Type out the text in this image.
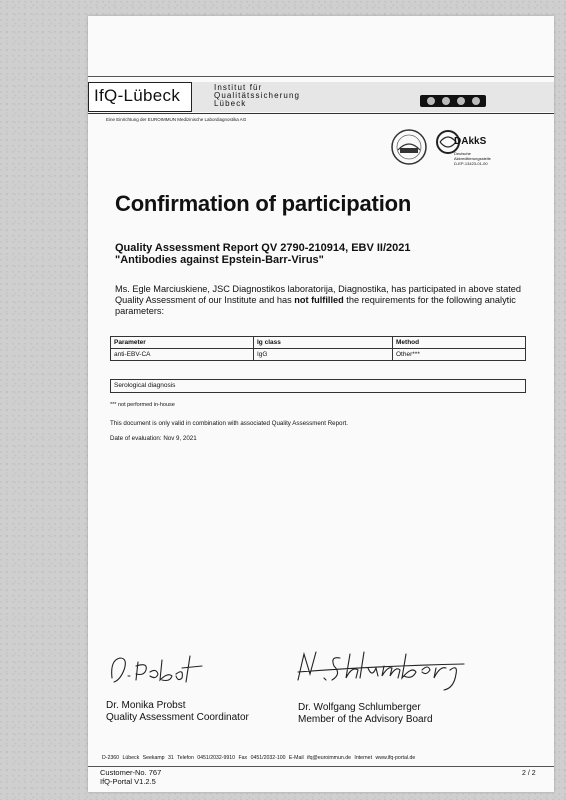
IfQ-Lübeck	Institut für
Qualitätssicherung
Lübeck
Eine Einrichtung der EUROIMMUN Medizinische Labordiagnostika AG
DAkkS
Deutsche
Akkreditierungsstelle
D-EP-13423-01-00
Confirmation of participation
Quality Assessment Report QV 2790-210914, EBV II/2021
"Antibodies against Epstein-Barr-Virus"
Ms. Egle Marciuskiene, JSC Diagnostikos laboratorija, Diagnostika, has participated in above stated Quality Assessment of our Institute and has not fulfilled the requirements for the following analytic parameters:
Parameter	Ig class	Method
anti-EBV-CA	IgG	Other***
Serological diagnosis
*** not performed in-house
This document is only valid in combination with associated Quality Assessment Report.
Date of evaluation: Nov 9, 2021
Dr. Monika Probst
Quality Assessment Coordinator
Dr. Wolfgang Schlumberger
Member of the Advisory Board
D-2360 Lübeck Seekamp 31 Telefon 0451/2032-9910 Fax 0451/2032-100 E-Mail ifq@euroimmun.de Internet www.ifq-portal.de
Customer-No. 767
IfQ-Portal V1.2.5
2 / 2
